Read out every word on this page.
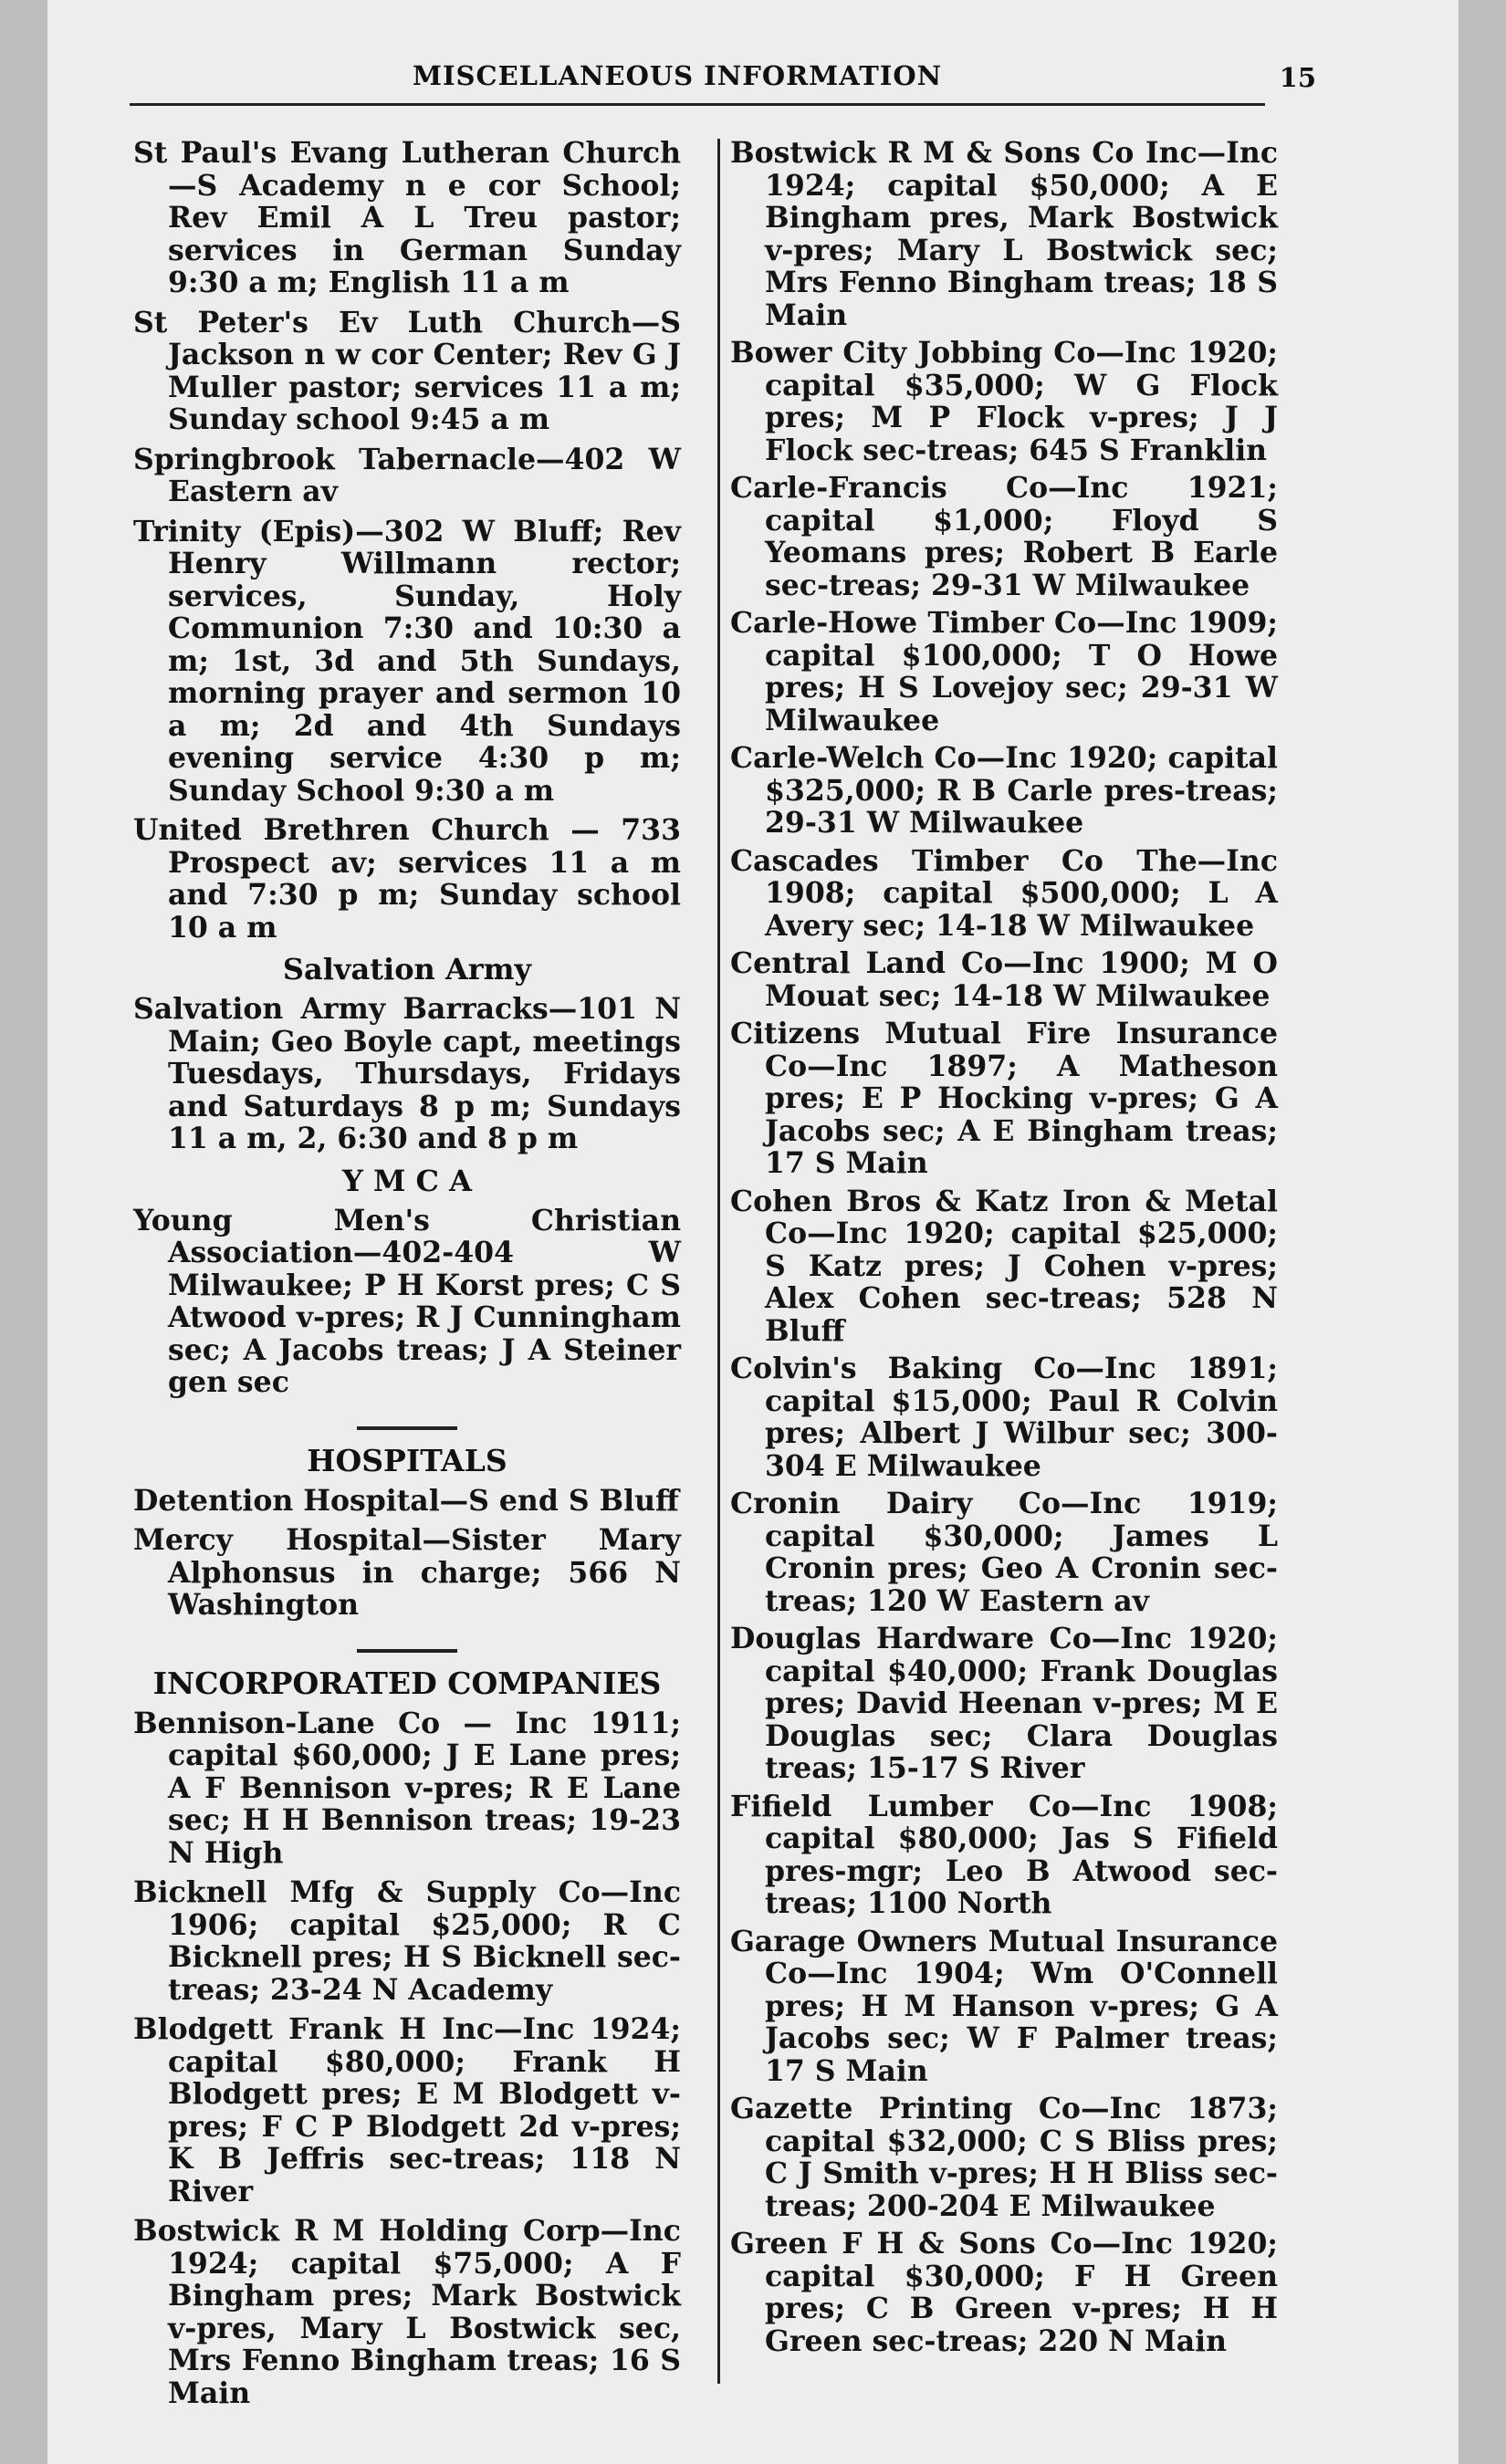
MISCELLANEOUS INFORMATION	15

St Paul's Evang Lutheran Church —S Academy n e cor School; Rev Emil A L Treu pastor; services in German Sunday 9:30 a m; English 11 a m

St Peter's Ev Luth Church—S Jackson n w cor Center; Rev G J Muller pastor; services 11 a m; Sunday school 9:45 a m

Springbrook Tabernacle—402 W Eastern av

Trinity (Epis)—302 W Bluff; Rev Henry Willmann rector; services, Sunday, Holy Communion 7:30 and 10:30 a m; 1st, 3d and 5th Sundays, morning prayer and sermon 10 a m; 2d and 4th Sundays evening service 4:30 p m; Sunday School 9:30 a m

United Brethren Church — 733 Prospect av; services 11 a m and 7:30 p m; Sunday school 10 a m

Salvation Army

Salvation Army Barracks—101 N Main; Geo Boyle capt, meetings Tuesdays, Thursdays, Fridays and Saturdays 8 p m; Sundays 11 a m, 2, 6:30 and 8 p m

Y M C A

Young Men's Christian Association—402-404 W Milwaukee; P H Korst pres; C S Atwood v-pres; R J Cunningham sec; A Jacobs treas; J A Steiner gen sec

HOSPITALS

Detention Hospital—S end S Bluff

Mercy Hospital—Sister Mary Alphonsus in charge; 566 N Washington

INCORPORATED COMPANIES

Bennison-Lane Co — Inc 1911; capital $60,000; J E Lane pres; A F Bennison v-pres; R E Lane sec; H H Bennison treas; 19-23 N High

Bicknell Mfg & Supply Co—Inc 1906; capital $25,000; R C Bicknell pres; H S Bicknell sec-treas; 23-24 N Academy

Blodgett Frank H Inc—Inc 1924; capital $80,000; Frank H Blodgett pres; E M Blodgett v-pres; F C P Blodgett 2d v-pres; K B Jeffris sec-treas; 118 N River

Bostwick R M Holding Corp—Inc 1924; capital $75,000; A F Bingham pres; Mark Bostwick v-pres, Mary L Bostwick sec, Mrs Fenno Bingham treas; 16 S Main

Bostwick R M & Sons Co Inc—Inc 1924; capital $50,000; A E Bingham pres, Mark Bostwick v-pres; Mary L Bostwick sec; Mrs Fenno Bingham treas; 18 S Main

Bower City Jobbing Co—Inc 1920; capital $35,000; W G Flock pres; M P Flock v-pres; J J Flock sec-treas; 645 S Franklin

Carle-Francis Co—Inc 1921; capital $1,000; Floyd S Yeomans pres; Robert B Earle sec-treas; 29-31 W Milwaukee

Carle-Howe Timber Co—Inc 1909; capital $100,000; T O Howe pres; H S Lovejoy sec; 29-31 W Milwaukee

Carle-Welch Co—Inc 1920; capital $325,000; R B Carle pres-treas; 29-31 W Milwaukee

Cascades Timber Co The—Inc 1908; capital $500,000; L A Avery sec; 14-18 W Milwaukee

Central Land Co—Inc 1900; M O Mouat sec; 14-18 W Milwaukee

Citizens Mutual Fire Insurance Co—Inc 1897; A Matheson pres; E P Hocking v-pres; G A Jacobs sec; A E Bingham treas; 17 S Main

Cohen Bros & Katz Iron & Metal Co—Inc 1920; capital $25,000; S Katz pres; J Cohen v-pres; Alex Cohen sec-treas; 528 N Bluff

Colvin's Baking Co—Inc 1891; capital $15,000; Paul R Colvin pres; Albert J Wilbur sec; 300-304 E Milwaukee

Cronin Dairy Co—Inc 1919; capital $30,000; James L Cronin pres; Geo A Cronin sec-treas; 120 W Eastern av

Douglas Hardware Co—Inc 1920; capital $40,000; Frank Douglas pres; David Heenan v-pres; M E Douglas sec; Clara Douglas treas; 15-17 S River

Fifield Lumber Co—Inc 1908; capital $80,000; Jas S Fifield pres-mgr; Leo B Atwood sec-treas; 1100 North

Garage Owners Mutual Insurance Co—Inc 1904; Wm O'Connell pres; H M Hanson v-pres; G A Jacobs sec; W F Palmer treas; 17 S Main

Gazette Printing Co—Inc 1873; capital $32,000; C S Bliss pres; C J Smith v-pres; H H Bliss sec-treas; 200-204 E Milwaukee

Green F H & Sons Co—Inc 1920; capital $30,000; F H Green pres; C B Green v-pres; H H Green sec-treas; 220 N Main
